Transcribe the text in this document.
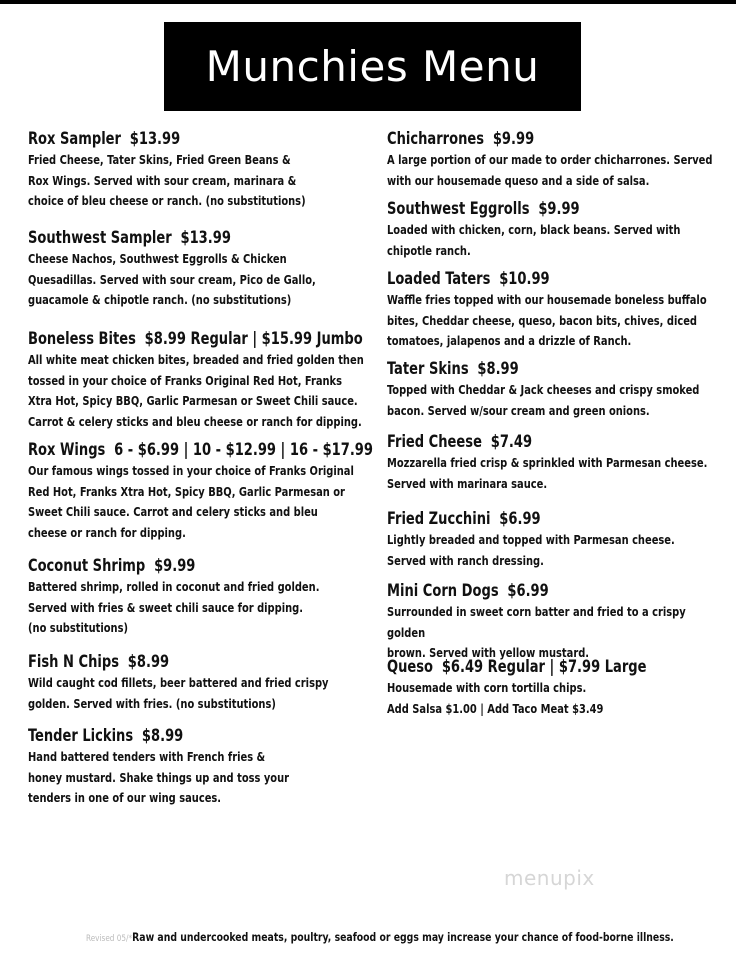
Munchies Menu
Rox Sampler $13.99
Fried Cheese, Tater Skins, Fried Green Beans &
Rox Wings. Served with sour cream, marinara &
choice of bleu cheese or ranch. (no substitutions)
Southwest Sampler $13.99
Cheese Nachos, Southwest Eggrolls & Chicken
Quesadillas. Served with sour cream, Pico de Gallo,
guacamole & chipotle ranch. (no substitutions)
Boneless Bites $8.99 Regular | $15.99 Jumbo
All white meat chicken bites, breaded and fried golden then
tossed in your choice of Franks Original Red Hot, Franks
Xtra Hot, Spicy BBQ, Garlic Parmesan or Sweet Chili sauce.
Carrot & celery sticks and bleu cheese or ranch for dipping.
Rox Wings 6 - $6.99 | 10 - $12.99 | 16 - $17.99
Our famous wings tossed in your choice of Franks Original
Red Hot, Franks Xtra Hot, Spicy BBQ, Garlic Parmesan or
Sweet Chili sauce. Carrot and celery sticks and bleu
cheese or ranch for dipping.
Coconut Shrimp $9.99
Battered shrimp, rolled in coconut and fried golden.
Served with fries & sweet chili sauce for dipping.
(no substitutions)
Fish N Chips $8.99
Wild caught cod fillets, beer battered and fried crispy
golden. Served with fries. (no substitutions)
Tender Lickins $8.99
Hand battered tenders with French fries &
honey mustard. Shake things up and toss your
tenders in one of our wing sauces.
Chicharrones $9.99
A large portion of our made to order chicharrones. Served
with our housemade queso and a side of salsa.
Southwest Eggrolls $9.99
Loaded with chicken, corn, black beans. Served with
chipotle ranch.
Loaded Taters $10.99
Waffle fries topped with our housemade boneless buffalo
bites, Cheddar cheese, queso, bacon bits, chives, diced
tomatoes, jalapenos and a drizzle of Ranch.
Tater Skins $8.99
Topped with Cheddar & Jack cheeses and crispy smoked
bacon. Served w/sour cream and green onions.
Fried Cheese $7.49
Mozzarella fried crisp & sprinkled with Parmesan cheese.
Served with marinara sauce.
Fried Zucchini $6.99
Lightly breaded and topped with Parmesan cheese.
Served with ranch dressing.
Mini Corn Dogs $6.99
Surrounded in sweet corn batter and fried to a crispy golden
brown. Served with yellow mustard.
Queso $6.49 Regular | $7.99 Large
Housemade with corn tortilla chips.
Add Salsa $1.00 | Add Taco Meat $3.49
menupix
Revised 05/*Raw and undercooked meats, poultry, seafood or eggs may increase your chance of food-borne illness.
